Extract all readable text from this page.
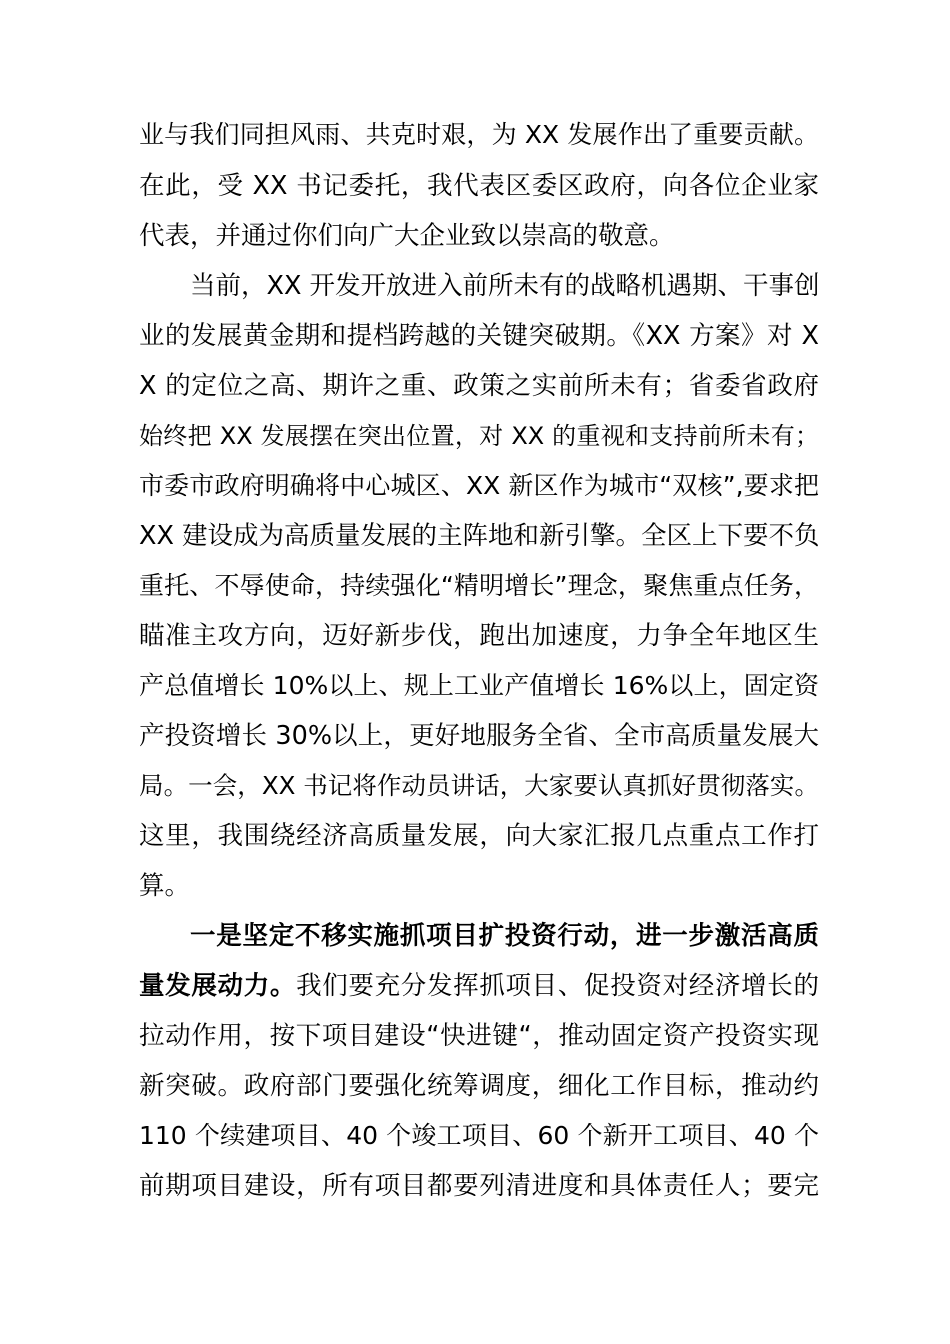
业与我们同担风雨、共克时艰，为 XX 发展作出了重要贡献。
在此，受 XX 书记委托，我代表区委区政府，向各位企业家
代表，并通过你们向广大企业致以崇高的敬意。
当前，XX 开发开放进入前所未有的战略机遇期、干事创
业的发展黄金期和提档跨越的关键突破期。《XX 方案》对 X
X 的定位之高、期许之重、政策之实前所未有；省委省政府
始终把 XX 发展摆在突出位置，对 XX 的重视和支持前所未有；
市委市政府明确将中心城区、XX 新区作为城市“双核”,要求把
XX 建设成为高质量发展的主阵地和新引擎。全区上下要不负
重托、不辱使命，持续强化“精明增长”理念，聚焦重点任务，
瞄准主攻方向，迈好新步伐，跑出加速度，力争全年地区生
产总值增长 10%以上、规上工业产值增长 16%以上，固定资
产投资增长 30%以上，更好地服务全省、全市高质量发展大
局。一会，XX 书记将作动员讲话，大家要认真抓好贯彻落实。
这里，我围绕经济高质量发展，向大家汇报几点重点工作打
算。
一是坚定不移实施抓项目扩投资行动，进一步激活高质
量发展动力。我们要充分发挥抓项目、促投资对经济增长的
拉动作用，按下项目建设“快进键“，推动固定资产投资实现
新突破。政府部门要强化统筹调度，细化工作目标，推动约
110 个续建项目、40 个竣工项目、60 个新开工项目、40 个
前期项目建设，所有项目都要列清进度和具体责任人；要完
